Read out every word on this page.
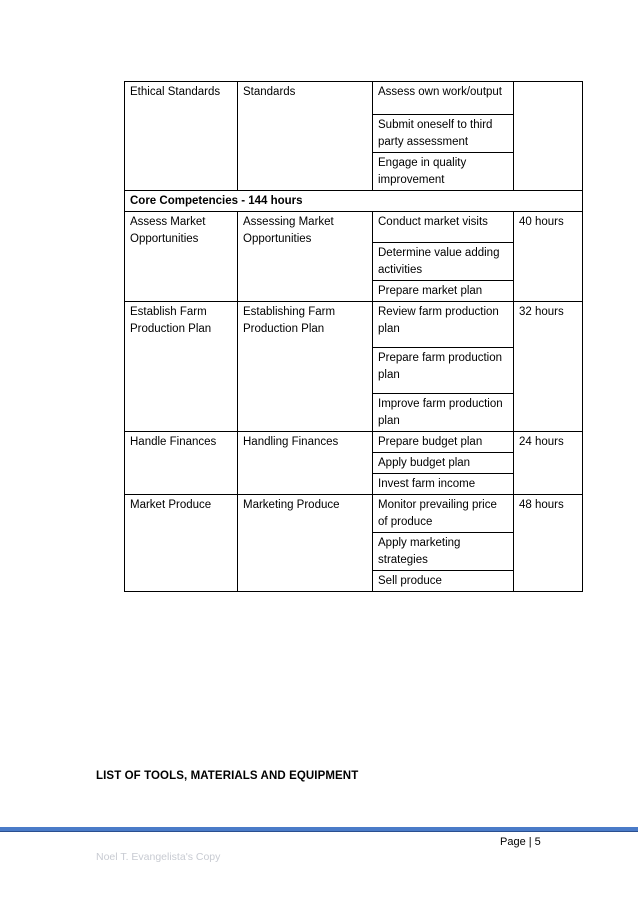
Ethical Standards	Standards	Assess own work/output	
		Submit oneself to third party assessment	
		Engage in quality improvement	
Core Competencies - 144 hours			
Assess Market Opportunities	Assessing Market Opportunities	Conduct market visits	40 hours
		Determine value adding activities	
		Prepare market plan	
Establish Farm Production Plan	Establishing Farm Production Plan	Review farm production plan	32 hours
		Prepare farm production plan	
		Improve farm production plan	
Handle Finances	Handling Finances	Prepare budget plan	24 hours
		Apply budget plan	
		Invest farm income	
Market Produce	Marketing Produce	Monitor prevailing price of produce	48 hours
		Apply marketing strategies	
		Sell produce	
LIST OF TOOLS, MATERIALS AND EQUIPMENT
Page | 5
Noel T. Evangelista's Copy
